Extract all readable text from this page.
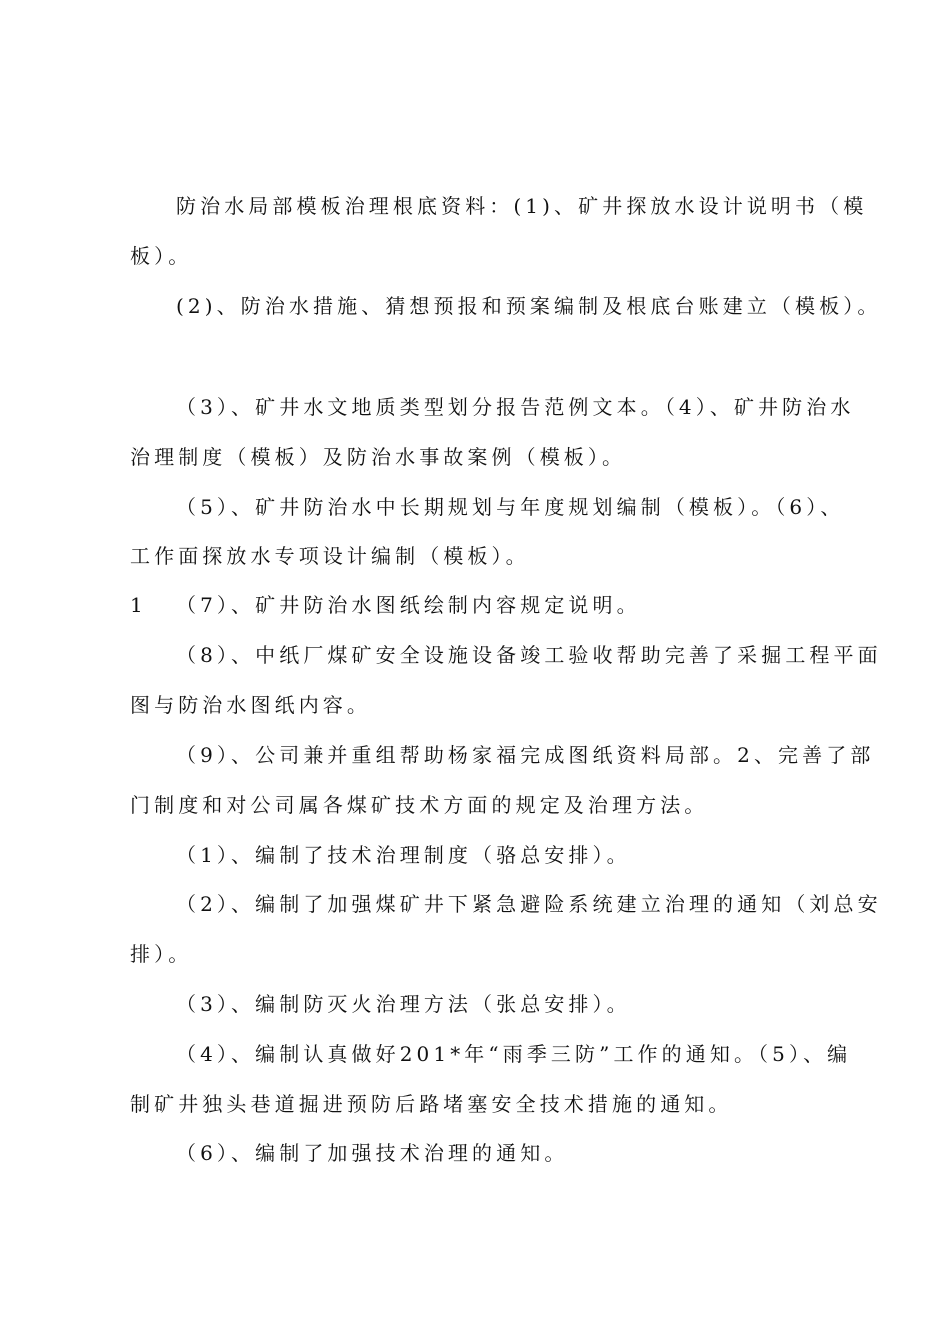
防治水局部模板治理根底资料：(1)、矿井探放水设计说明书（模
板）。
(2)、防治水措施、猜想预报和预案编制及根底台账建立（模板）。
（3）、矿井水文地质类型划分报告范例文本。（4）、矿井防治水
治理制度（模板）及防治水事故案例（模板）。
（5）、矿井防治水中长期规划与年度规划编制（模板）。（6）、
工作面探放水专项设计编制（模板）。
1 （7）、矿井防治水图纸绘制内容规定说明。
（8）、中纸厂煤矿安全设施设备竣工验收帮助完善了采掘工程平面
图与防治水图纸内容。
（9）、公司兼并重组帮助杨家福完成图纸资料局部。2、完善了部
门制度和对公司属各煤矿技术方面的规定及治理方法。
（1）、编制了技术治理制度（骆总安排）。
（2）、编制了加强煤矿井下紧急避险系统建立治理的通知（刘总安
排）。
（3）、编制防灭火治理方法（张总安排）。
（4）、编制认真做好201*年“雨季三防”工作的通知。（5）、编
制矿井独头巷道掘进预防后路堵塞安全技术措施的通知。
（6）、编制了加强技术治理的通知。
